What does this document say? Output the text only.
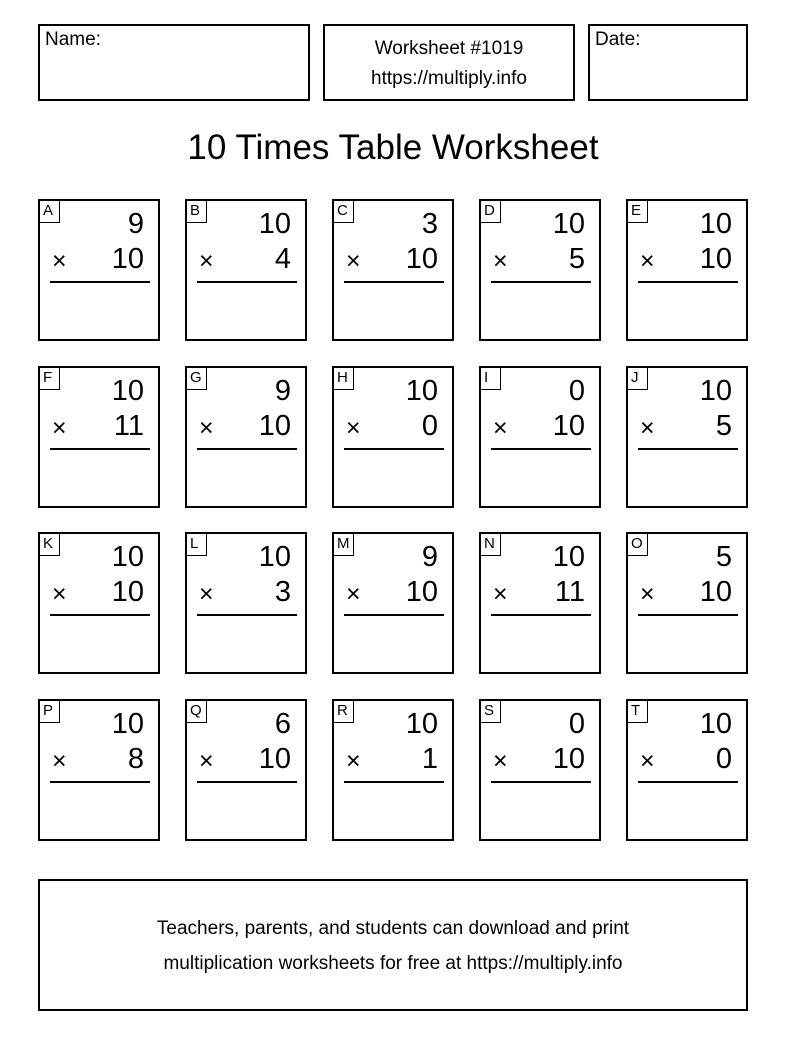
Name:	Worksheet #1019
https://multiply.info
Date:
10 Times Table Worksheet
A	9
× 10
B 10
× 4
C	3
× 10
D 10
× 5
E 10
× 10
F 10
× 11
G	9
× 10
H 10
× 0
I	0
× 10
J	10
× 5
K 10
× 10
L 10
× 3
M 9
× 10
N 10
× 11
O	5
× 10
P 10
× 8
Q	6
× 10
R 10
× 1
S	0
× 10
T 10
× 0
Teachers, parents, and students can download and print
multiplication worksheets for free at https://multiply.info
